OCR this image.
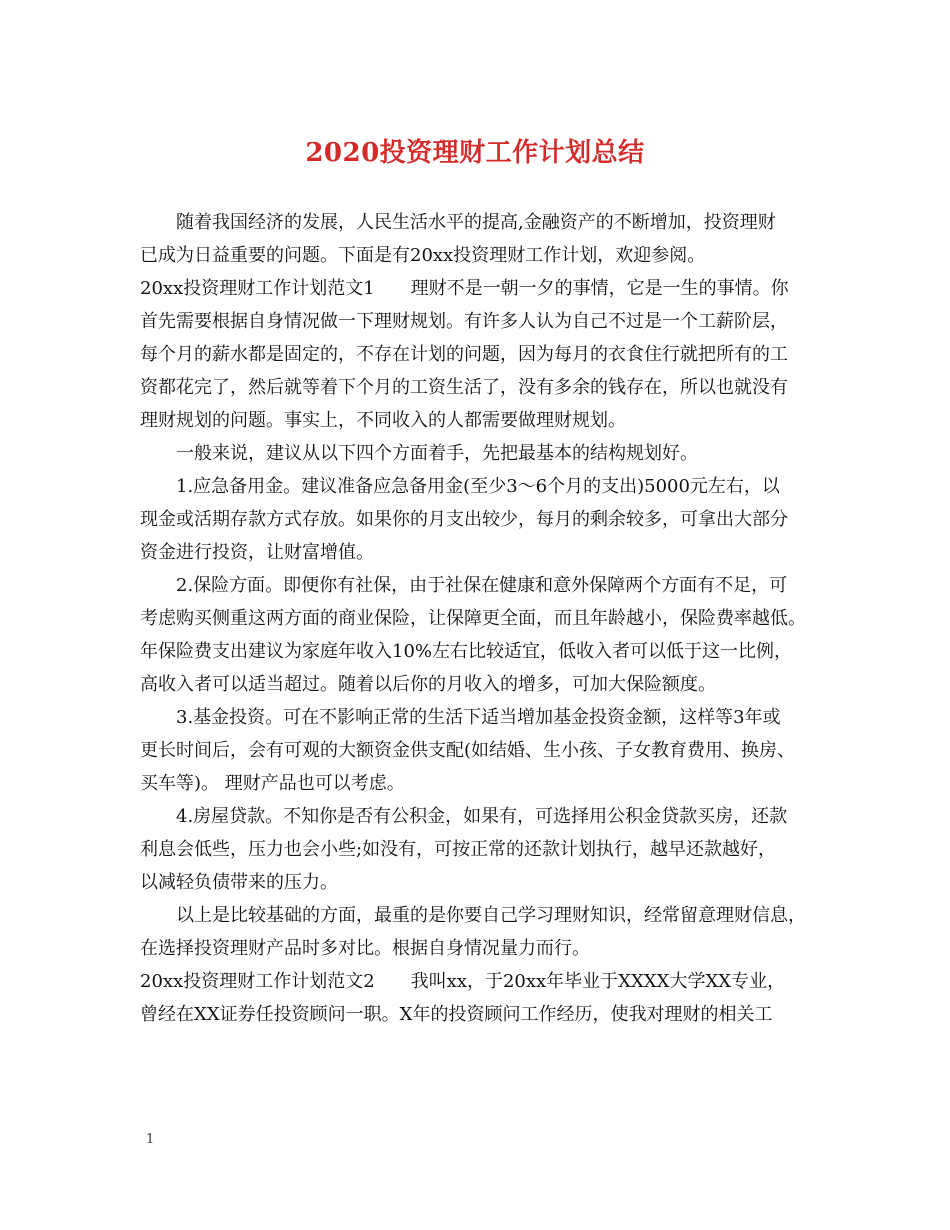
2020投资理财工作计划总结
随着我国经济的发展，人民生活水平的提高,金融资产的不断增加，投资理财
已成为日益重要的问题。下面是有20xx投资理财工作计划，欢迎参阅。
20xx投资理财工作计划范文1 理财不是一朝一夕的事情，它是一生的事情。你
首先需要根据自身情况做一下理财规划。有许多人认为自己不过是一个工薪阶层，
每个月的薪水都是固定的，不存在计划的问题，因为每月的衣食住行就把所有的工
资都花完了，然后就等着下个月的工资生活了，没有多余的钱存在，所以也就没有
理财规划的问题。事实上，不同收入的人都需要做理财规划。
一般来说，建议从以下四个方面着手，先把最基本的结构规划好。
1.应急备用金。建议准备应急备用金(至少3～6个月的支出)5000元左右，以
现金或活期存款方式存放。如果你的月支出较少，每月的剩余较多，可拿出大部分
资金进行投资，让财富增值。
2.保险方面。即便你有社保，由于社保在健康和意外保障两个方面有不足，可
考虑购买侧重这两方面的商业保险，让保障更全面，而且年龄越小，保险费率越低。
年保险费支出建议为家庭年收入10%左右比较适宜，低收入者可以低于这一比例，
高收入者可以适当超过。随着以后你的月收入的增多，可加大保险额度。
3.基金投资。可在不影响正常的生活下适当增加基金投资金额，这样等3年或
更长时间后，会有可观的大额资金供支配(如结婚、生小孩、子女教育费用、换房、
买车等)。 理财产品也可以考虑。
4.房屋贷款。不知你是否有公积金，如果有，可选择用公积金贷款买房，还款
利息会低些，压力也会小些;如没有，可按正常的还款计划执行，越早还款越好，
以减轻负债带来的压力。
以上是比较基础的方面，最重的是你要自己学习理财知识，经常留意理财信息，
在选择投资理财产品时多对比。根据自身情况量力而行。
20xx投资理财工作计划范文2 我叫xx，于20xx年毕业于XXXX大学XX专业，
曾经在XX证券任投资顾问一职。X年的投资顾问工作经历，使我对理财的相关工
1
